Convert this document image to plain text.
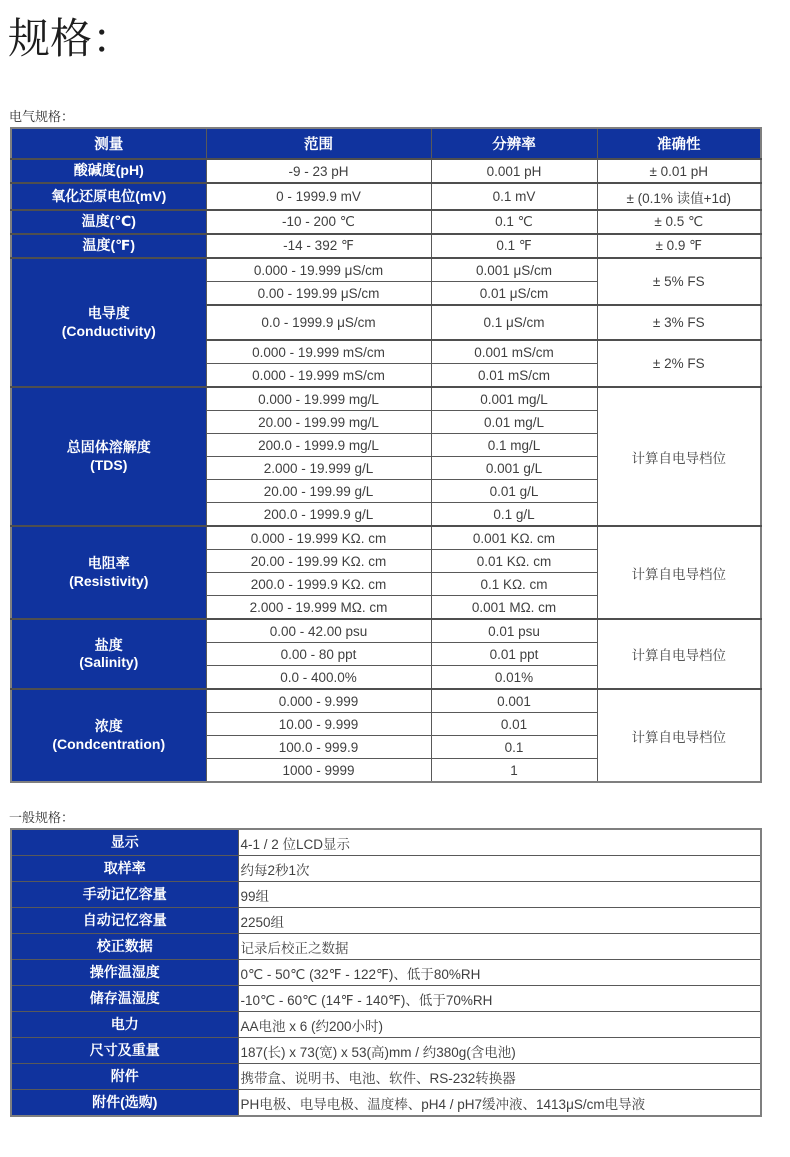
规格：
电气规格：
测量	范围	分辨率	准确性

酸碱度(pH)	-9 - 23 pH	0.001 pH	± 0.01 pH

氧化还原电位(mV)	0 - 1999.9 mV	0.1 mV	± (0.1% 读值+1d)

温度(℃)	-10 - 200 ℃	0.1 ℃	± 0.5 ℃

温度(℉)	-14 - 392 ℉	0.1 ℉	± 0.9 ℉

电导度
(Conductivity)	0.000 - 19.999 μS/cm	0.001 μS/cm	± 5% FS
	0.00 - 199.99 μS/cm	0.01 μS/cm	
	0.0 - 1999.9 μS/cm	0.1 μS/cm	± 3% FS
	0.000 - 19.999 mS/cm	0.001 mS/cm	± 2% FS
	0.000 - 19.999 mS/cm	0.01 mS/cm	

总固体溶解度
(TDS)	0.000 - 19.999 mg/L	0.001 mg/L	计算自电导档位
	20.00 - 199.99 mg/L	0.01 mg/L	
	200.0 - 1999.9 mg/L	0.1 mg/L	
	2.000 - 19.999 g/L	0.001 g/L	
	20.00 - 199.99 g/L	0.01 g/L	
	200.0 - 1999.9 g/L	0.1 g/L	

电阻率
(Resistivity)	0.000 - 19.999 KΩ. cm	0.001 KΩ. cm	计算自电导档位
	20.00 - 199.99 KΩ. cm	0.01 KΩ. cm	
	200.0 - 1999.9 KΩ. cm	0.1 KΩ. cm	
	2.000 - 19.999 MΩ. cm	0.001 MΩ. cm	

盐度
(Salinity)	0.00 - 42.00 psu	0.01 psu	计算自电导档位
	0.00 - 80 ppt	0.01 ppt	
	0.0 - 400.0%	0.01%	

浓度
(Condcentration)	0.000 - 9.999	0.001	计算自电导档位
	10.00 - 9.999	0.01	
	100.0 - 999.9	0.1	
	1000 - 9999	1	
一般规格：
显示	4-1 / 2 位LCD显示
取样率	约每2秒1次
手动记忆容量	99组
自动记忆容量	2250组
校正数据	记录后校正之数据
操作温湿度	0℃ - 50℃ (32℉ - 122℉)、低于80%RH
储存温湿度	-10℃ - 60℃ (14℉ - 140℉)、低于70%RH
电力	AA电池 x 6 (约200小时)
尺寸及重量	187(长) x 73(宽) x 53(高)mm / 约380g(含电池)
附件	携带盒、说明书、电池、软件、RS-232转换器
附件(选购)	PH电极、电导电极、温度棒、pH4 / pH7缓冲液、1413μS/cm电导液
